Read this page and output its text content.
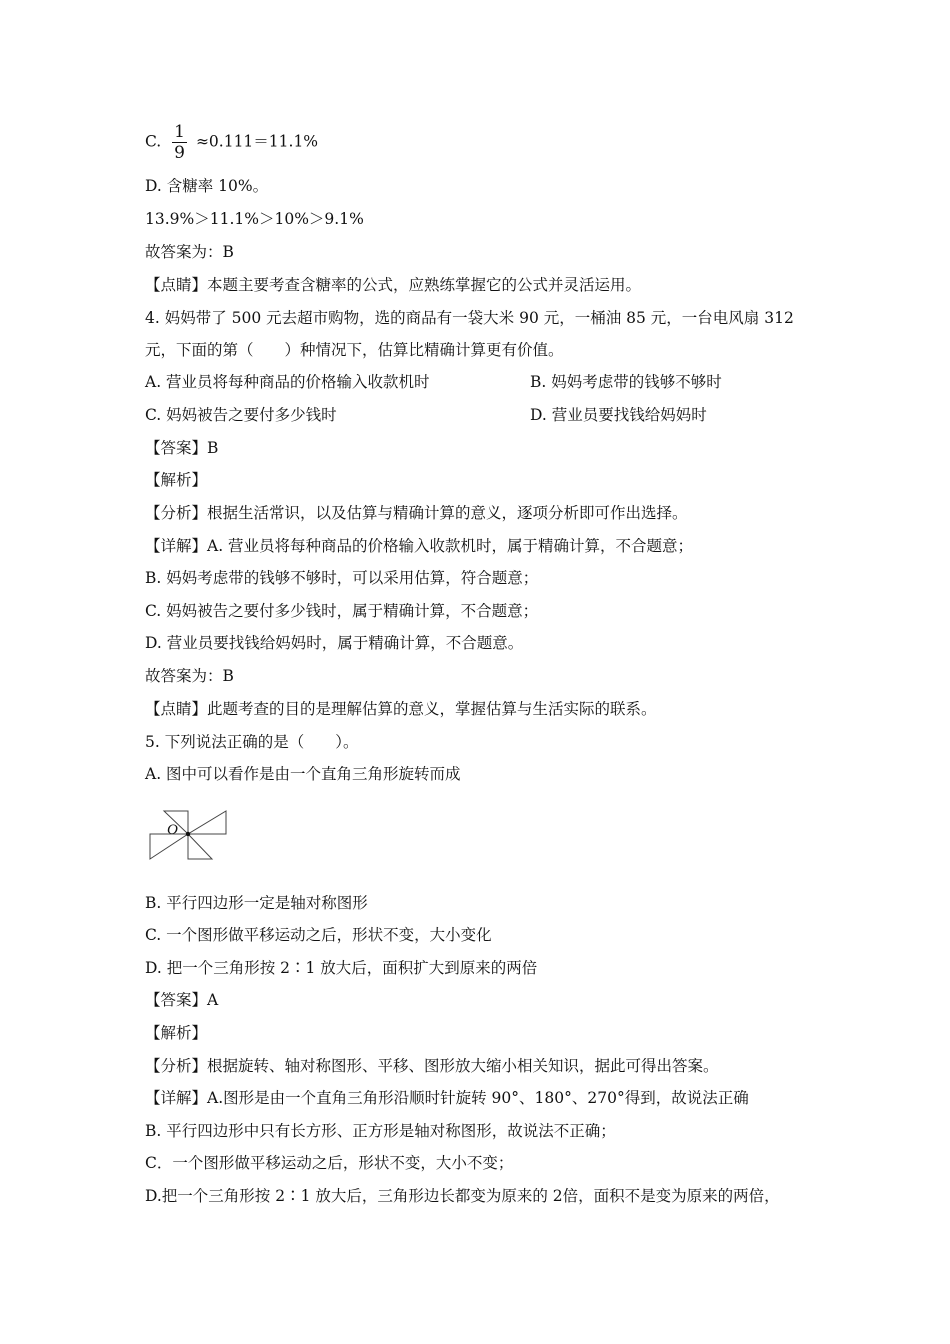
C. $\frac{1}{9} \approx 0.111=11.1\%$
D. 含糖率 10%。
13.9%＞11.1%＞10%＞9.1%
故答案为：B
【点睛】本题主要考查含糖率的公式，应熟练掌握它的公式并灵活运用。
4. 妈妈带了 500 元去超市购物，选的商品有一袋大米 90 元，一桶油 85 元，一台电风扇 312
元，下面的第（　　）种情况下，估算比精确计算更有价值。
A. 营业员将每种商品的价格输入收款机时	B. 妈妈考虑带的钱够不够时
C. 妈妈被告之要付多少钱时	D. 营业员要找钱给妈妈时
【答案】B
【解析】
【分析】根据生活常识，以及估算与精确计算的意义，逐项分析即可作出选择。
【详解】A. 营业员将每种商品的价格输入收款机时，属于精确计算，不合题意；
B. 妈妈考虑带的钱够不够时，可以采用估算，符合题意；
C. 妈妈被告之要付多少钱时，属于精确计算，不合题意；
D. 营业员要找钱给妈妈时，属于精确计算，不合题意。
故答案为：B
【点睛】此题考查的目的是理解估算的意义，掌握估算与生活实际的联系。
5. 下列说法正确的是（　　）。
A. 图中可以看作是由一个直角三角形旋转而成
O
B. 平行四边形一定是轴对称图形
C. 一个图形做平移运动之后，形状不变，大小变化
D. 把一个三角形按 2∶1 放大后，面积扩大到原来的两倍
【答案】A
【解析】
【分析】根据旋转、轴对称图形、平移、图形放大缩小相关知识，据此可得出答案。
【详解】A.图形是由一个直角三角形沿顺时针旋转 90°、180°、270°得到，故说法正确
B. 平行四边形中只有长方形、正方形是轴对称图形，故说法不正确；
C．一个图形做平移运动之后，形状不变，大小不变；
D.把一个三角形按 2∶1 放大后，三角形边长都变为原来的 2倍，面积不是变为原来的两倍，
